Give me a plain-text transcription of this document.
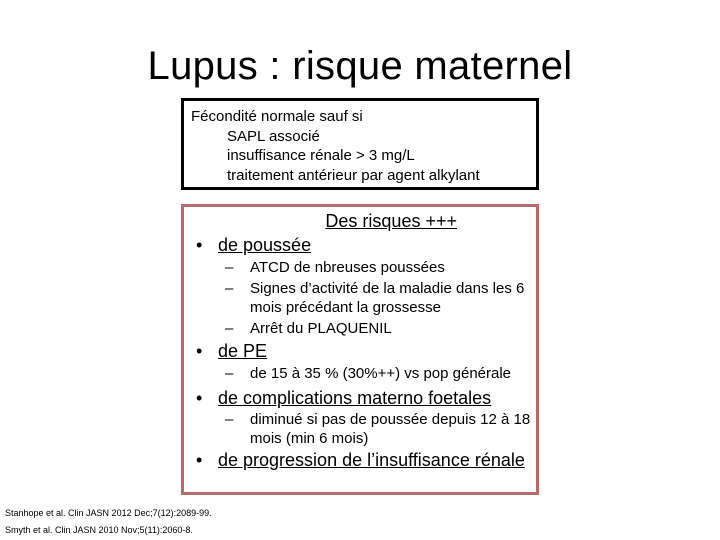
Lupus : risque maternel
Fécondité normale sauf si
SAPL associé
insuffisance rénale > 3 mg/L
traitement antérieur par agent alkylant
Des risques +++
• de poussée
– ATCD de nbreuses poussées
– Signes d’activité de la maladie dans les 6 mois précédant la grossesse
– Arrêt du PLAQUENIL
• de PE
– de 15 à 35 % (30%++) vs pop générale
• de complications materno foetales
– diminué si pas de poussée depuis 12 à 18 mois (min 6 mois)
• de progression de l’insuffisance rénale
Stanhope et al. Clin JASN 2012 Dec;7(12):2089-99.
Smyth et al. Clin JASN 2010 Nov;5(11):2060-8.
